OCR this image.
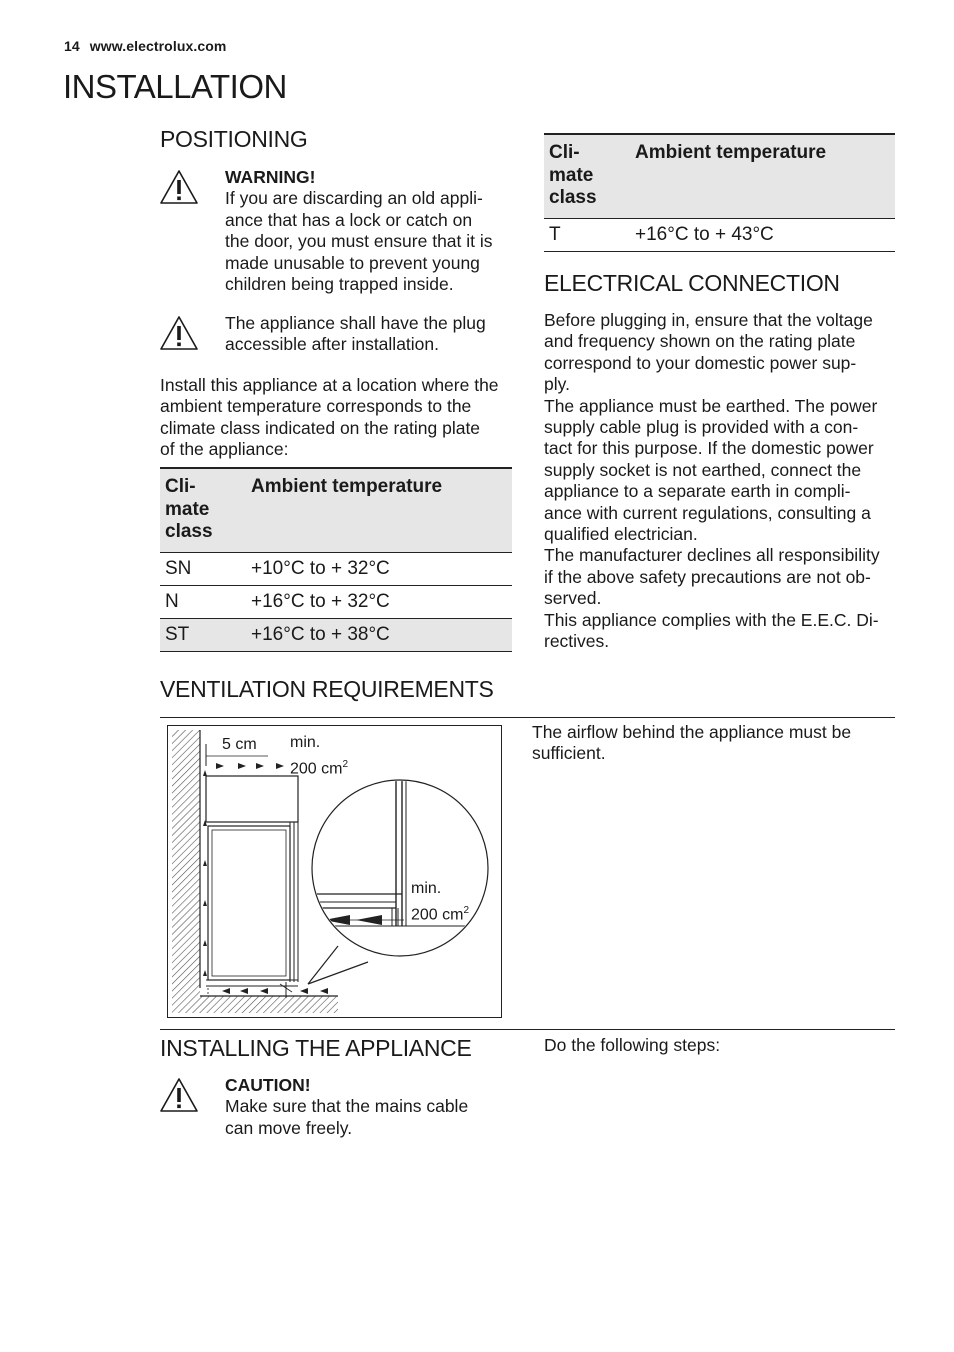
14 www.electrolux.com
INSTALLATION
POSITIONING
WARNING!
If you are discarding an old appli-
ance that has a lock or catch on
the door, you must ensure that it is
made unusable to prevent young
children being trapped inside.
The appliance shall have the plug
accessible after installation.
Install this appliance at a location where the
ambient temperature corresponds to the
climate class indicated on the rating plate
of the appliance:
Cli-
mate
class	Ambient temperature
SN	+10°C to + 32°C
N	+16°C to + 32°C
ST	+16°C to + 38°C
Cli-
mate
class	Ambient temperature
T	+16°C to + 43°C
ELECTRICAL CONNECTION
Before plugging in, ensure that the voltage
and frequency shown on the rating plate
correspond to your domestic power sup-
ply.
The appliance must be earthed. The power
supply cable plug is provided with a con-
tact for this purpose. If the domestic power
supply socket is not earthed, connect the
appliance to a separate earth in compli-
ance with current regulations, consulting a
qualified electrician.
The manufacturer declines all responsibility
if the above safety precautions are not ob-
served.
This appliance complies with the E.E.C. Di-
rectives.
VENTILATION REQUIREMENTS
5 cm min.
200 $cm^2$
min.
200 $cm^2$
The airflow behind the appliance must be
sufficient.
INSTALLING THE APPLIANCE
CAUTION!
Make sure that the mains cable
can move freely.
Do the following steps:
